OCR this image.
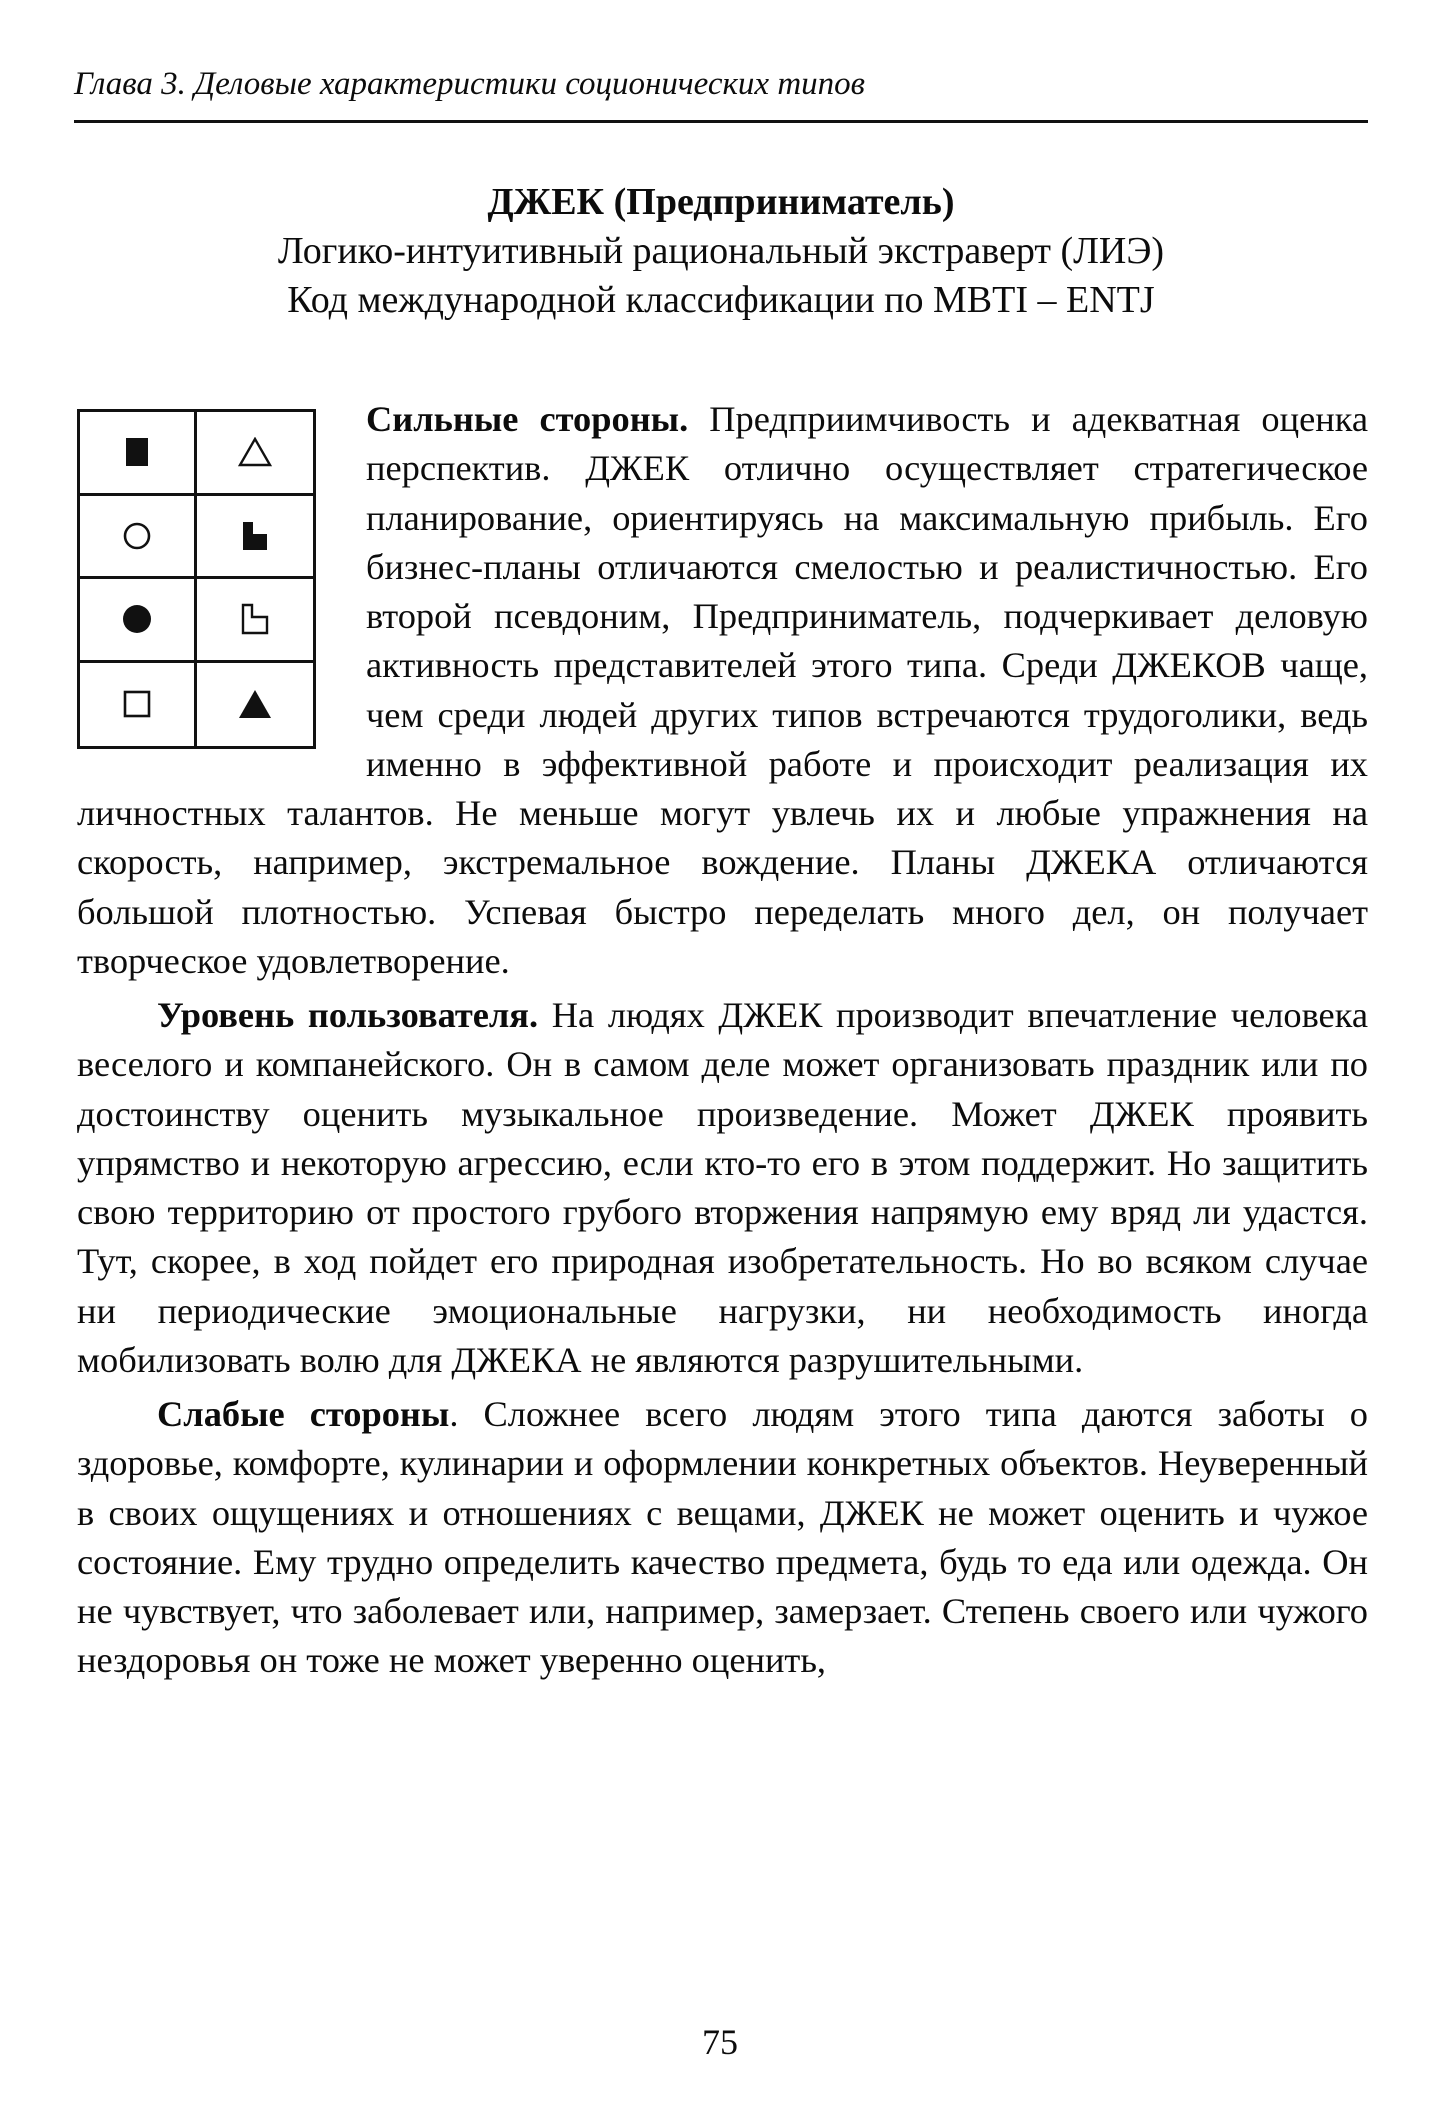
Глава 3. Деловые характеристики соционических типов
ДЖЕК (Предприниматель)
Логико-интуитивный рациональный экстраверт (ЛИЭ)
Код международной классификации по MBTI – ENTJ

Сильные стороны. Предприимчивость и адекватная оценка перспектив. ДЖЕК отлично осуществляет стратегическое планирование, ориентируясь на максимальную прибыль. Его бизнес-планы отличаются смелостью и реалистичностью. Его второй псевдоним, Предприниматель, подчеркивает деловую активность представителей этого типа. Среди ДЖЕКОВ чаще, чем среди людей других типов встречаются трудоголики, ведь именно в эффективной работе и происходит реализация их личностных талантов. Не меньше могут увлечь их и любые упражнения на скорость, например, экстремальное вождение. Планы ДЖЕКА отличаются большой плотностью. Успевая быстро переделать много дел, он получает творческое удовлетворение.

Уровень пользователя. На людях ДЖЕК производит впечатление человека веселого и компанейского. Он в самом деле может организовать праздник или по достоинству оценить музыкальное произведение. Может ДЖЕК проявить упрямство и некоторую агрессию, если кто-то его в этом поддержит. Но защитить свою территорию от простого грубого вторжения напрямую ему вряд ли удастся. Тут, скорее, в ход пойдет его природная изобретательность. Но во всяком случае ни периодические эмоциональные нагрузки, ни необходимость иногда мобилизовать волю для ДЖЕКА не являются разрушительными.

Слабые стороны. Сложнее всего людям этого типа даются заботы о здоровье, комфорте, кулинарии и оформлении конкретных объектов. Неуверенный в своих ощущениях и отношениях с вещами, ДЖЕК не может оценить и чужое состояние. Ему трудно определить качество предмета, будь то еда или одежда. Он не чувствует, что заболевает или, например, замерзает. Степень своего или чужого нездоровья он тоже не может уверенно оценить,

75
